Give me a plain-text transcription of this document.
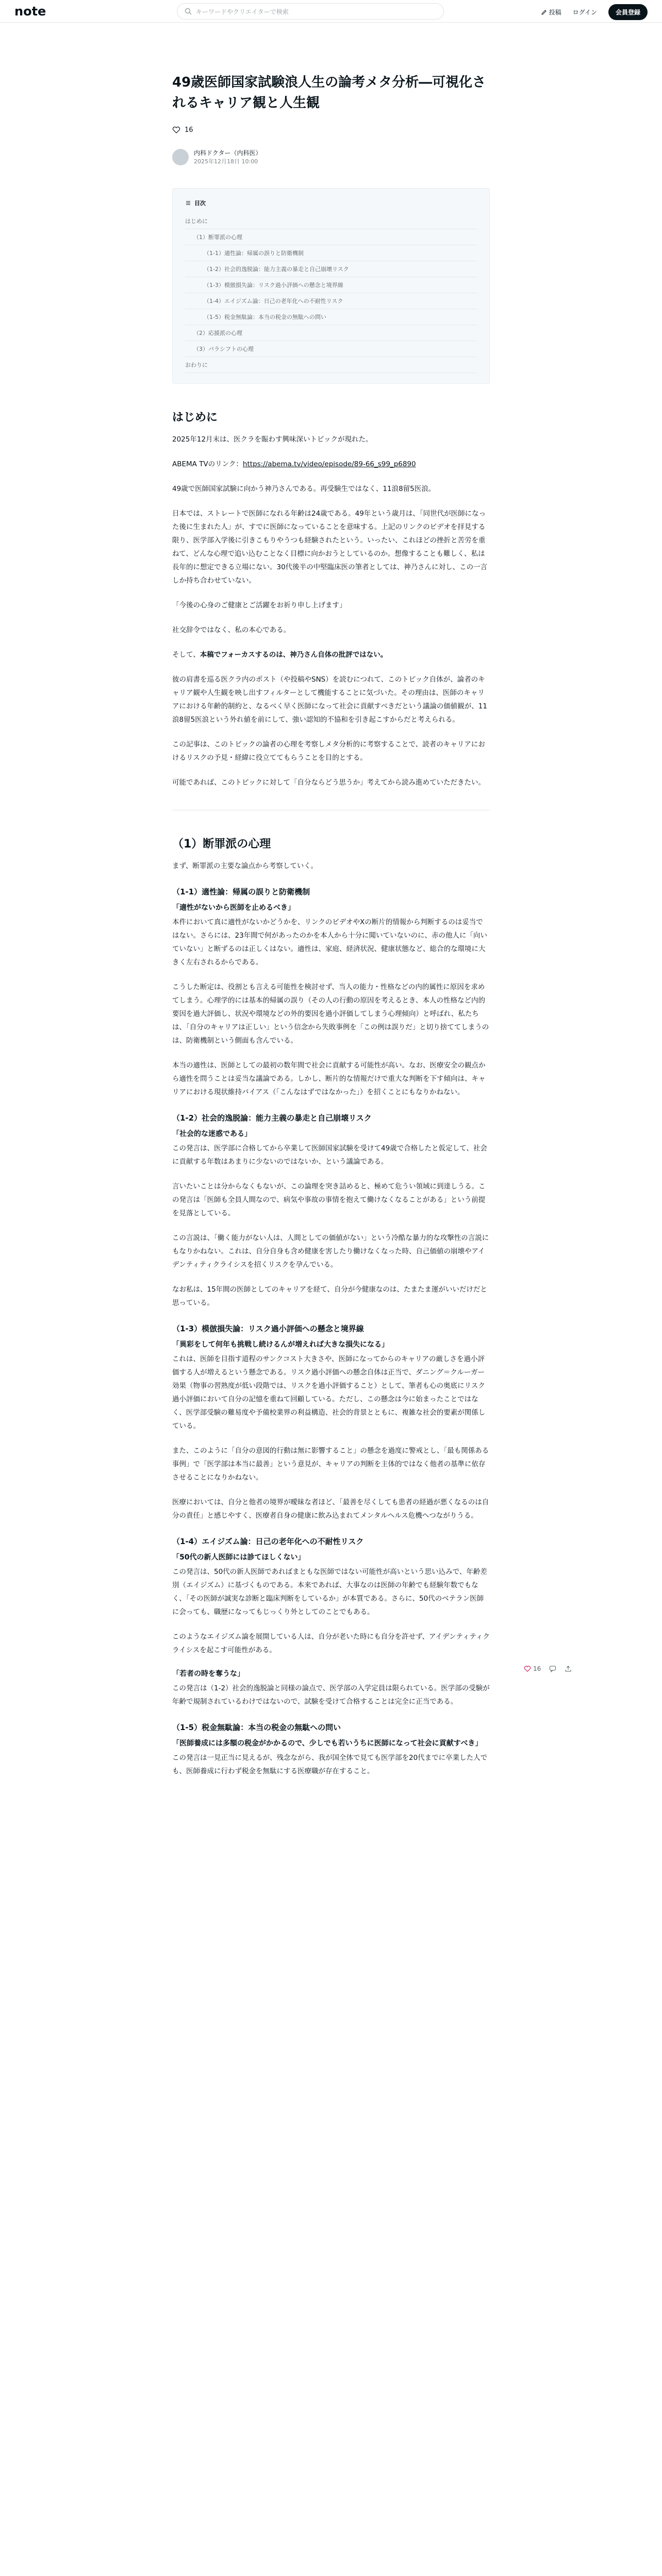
note	キーワードやクリエイターで検索	投稿 ログイン	会員登録
49歳医師国家試験浪人生の論考メタ分析―可視化されるキャリア観と人生観
16
内科ドクター（内科医）
2025年12月18日 10:00
目次
はじめに
（1）断罪派の心理
（1-1）適性論：帰属の誤りと防衛機制
（1-2）社会的逸脱論：能力主義の暴走と自己崩壊リスク
（1-3）模倣損失論：リスク過小評価への懸念と境界線
（1-4）エイジズム論：日己の老年化への不耐性リスク
（1-5）税金無駄論：本当の税金の無駄への問い
（2）応援派の心理
（3）パラシフトの心理
おわりに
はじめに

2025年12月末は、医クラを賑わす興味深いトピックが現れた。

ABEMA TVのリンク：https://abema.tv/video/episode/89-66_s99_p6890

49歳で医師国家試験に向かう神乃さんである。再受験生ではなく、11浪8留5医浪。

日本では、ストレートで医師になれる年齢は24歳である。49年という歳月は、「同世代が医師になった後に生まれた人」が、すでに医師になっていることを意味する。上記のリンクのビデオを拝見する限り、医学部入学後に引きこもりやうつも経験されたという。いったい、これほどの挫折と苦労を重ねて、どんな心理で追い込むことなく目標に向かおうとしているのか。想像することも難しく、私は長年的に想定できる立場にない。30代後半の中堅臨床医の筆者としては、神乃さんに対し、この一言しか持ち合わせていない。

「今後の心身のご健康とご活躍をお祈り申し上げます」

社交辞令ではなく、私の本心である。

そして、本稿でフォーカスするのは、神乃さん自体の批評ではない。

彼の肩書を巡る医クラ内のポスト（や投稿やSNS）を読むにつれて、このトピック自体が、論者のキャリア観や人生観を映し出すフィルターとして機能することに気づいた。その理由は、医師のキャリアにおける年齢的制約と、なるべく早く医師になって社会に貢献すべきだという議論の価値観が、11浪8留5医浪という外れ値を前にして、強い認知的不協和を引き起こすからだと考えられる。

この記事は、このトピックの論者の心理を考察しメタ分析的に考察することで、読者のキャリアにおけるリスクの予見・経緯に役立ててもらうことを目的とする。

可能であれば、このトピックに対して「自分ならどう思うか」考えてから読み進めていただきたい。

（1）断罪派の心理

まず、断罪派の主要な論点から考察していく。

（1-1）適性論：帰属の誤りと防衛機制
「適性がないから医師を止めるべき」

本件において真に適性がないかどうかを、リンクのビデオやXの断片的情報から判断するのは妥当ではない。さらには、23年間で何があったのかを本人から十分に聞いていないのに、赤の他人に「向いていない」と断ずるのは正しくはない。適性は、家庭、経済状況、健康状態など、総合的な環境に大きく左右されるからである。

こうした断定は、役割とも言える可能性を検討せず、当人の能力・性格などの内的属性に原因を求めてしまう。心理学的には基本的帰属の誤り（その人の行動の原因を考えるとき、本人の性格など内的要因を過大評価し、状況や環境などの外的要因を過小評価してしまう心理傾向）と呼ばれ、私たちは、「自分のキャリアは正しい」という信念から失敗事例を「この例は誤りだ」と切り捨ててしまうのは、防衛機制という側面も含んでいる。

本当の適性は、医師としての最初の数年間で社会に貢献する可能性が高い。なお、医療安全の観点から適性を問うことは妥当な議論である。しかし、断片的な情報だけで重大な判断を下す傾向は、キャリアにおける現状維持バイアス（「こんなはずではなかった」）を招くことにもなりかねない。

（1-2）社会的逸脱論：能力主義の暴走と自己崩壊リスク
「社会的な迷惑である」

この発言は、医学部に合格してから卒業して医師国家試験を受けて49歳で合格したと仮定して、社会に貢献する年数はあまりに少ないのではないか、という議論である。

言いたいことは分からなくもないが、この論理を突き詰めると、極めて危うい領域に到達しうる。この発言は「医師も全員人間なので、病気や事故の事情を抱えて働けなくなることがある」という前提を見落としている。

この言説は、「働く能力がない人は、人間としての価値がない」という冷酷な暴力的な攻撃性の言説にもなりかねない。これは、自分自身も含め健康を害したり働けなくなった時、自己価値の崩壊やアイデンティティクライシスを招くリスクを孕んでいる。

なお私は、15年間の医師としてのキャリアを経て、自分が今健康なのは、たまたま運がいいだけだと思っている。

（1-3）模倣損失論：リスク過小評価への懸念と境界線
「異彩をして何年も挑戦し続けるんが増えれば大きな損失になる」

これは、医師を目指す道程のサンクコスト大きさや、医師になってからのキャリアの厳しさを過小評価する人が増えるという懸念である。リスク過小評価への懸念自体は正当で、ダニング＝クルーガー効果（物事の習熟度が低い段階では、リスクを過小評価すること）として、筆者も心の奥底にリスク過小評価において自分の記憶を重ねて回顧している。ただし、この懸念は今に始まったことではなく、医学部受験の難易度や予備校業界の利益構造、社会的背景とともに、複雑な社会的要素が関係している。

また、このように「自分の意図的行動は無に影響すること」の懸念を過度に警戒とし、「最も関係ある事例」で「医学部は本当に最善」という意見が、キャリアの判断を主体的ではなく他者の基準に依存させることになりかねない。

医療においては、自分と他者の境界が曖昧な者ほど、「最善を尽くしても患者の経過が悪くなるのは自分の責任」と感じやすく、医療者自身の健康に飲み込まれてメンタルヘルス危機へつながりうる。

（1-4）エイジズム論：日己の老年化への不耐性リスク
「50代の新人医師には診てほしくない」

この発言は、50代の新人医師であればまともな医師ではない可能性が高いという思い込みで、年齢差別（エイジズム）に基づくものである。本来であれば、大事なのは医師の年齢でも経験年数でもなく、「その医師が誠実な診断と臨床判断をしているか」が本質である。さらに、50代のベテラン医師に会っても、職歴になってもじっくり外としてのことでもある。

このようなエイジズム論を展開している人は、自分が老いた時にも自分を許せず、アイデンティティクライシスを起こす可能性がある。

「若者の時を奪うな」

この発言は（1-2）社会的逸脱論と同様の論点で、医学部の入学定員は限られている。医学部の受験が年齢で規制されているわけではないので、試験を受けて合格することは完全に正当である。

（1-5）税金無駄論：本当の税金の無駄への問い
「医師養成には多額の税金がかかるので、少しでも若いうちに医師になって社会に貢献すべき」

この発言は一見正当に見えるが、残念ながら、我が国全体で見ても医学部を20代までに卒業した人でも、医師養成に行わず税金を無駄にする医療職が存在すること。

16
